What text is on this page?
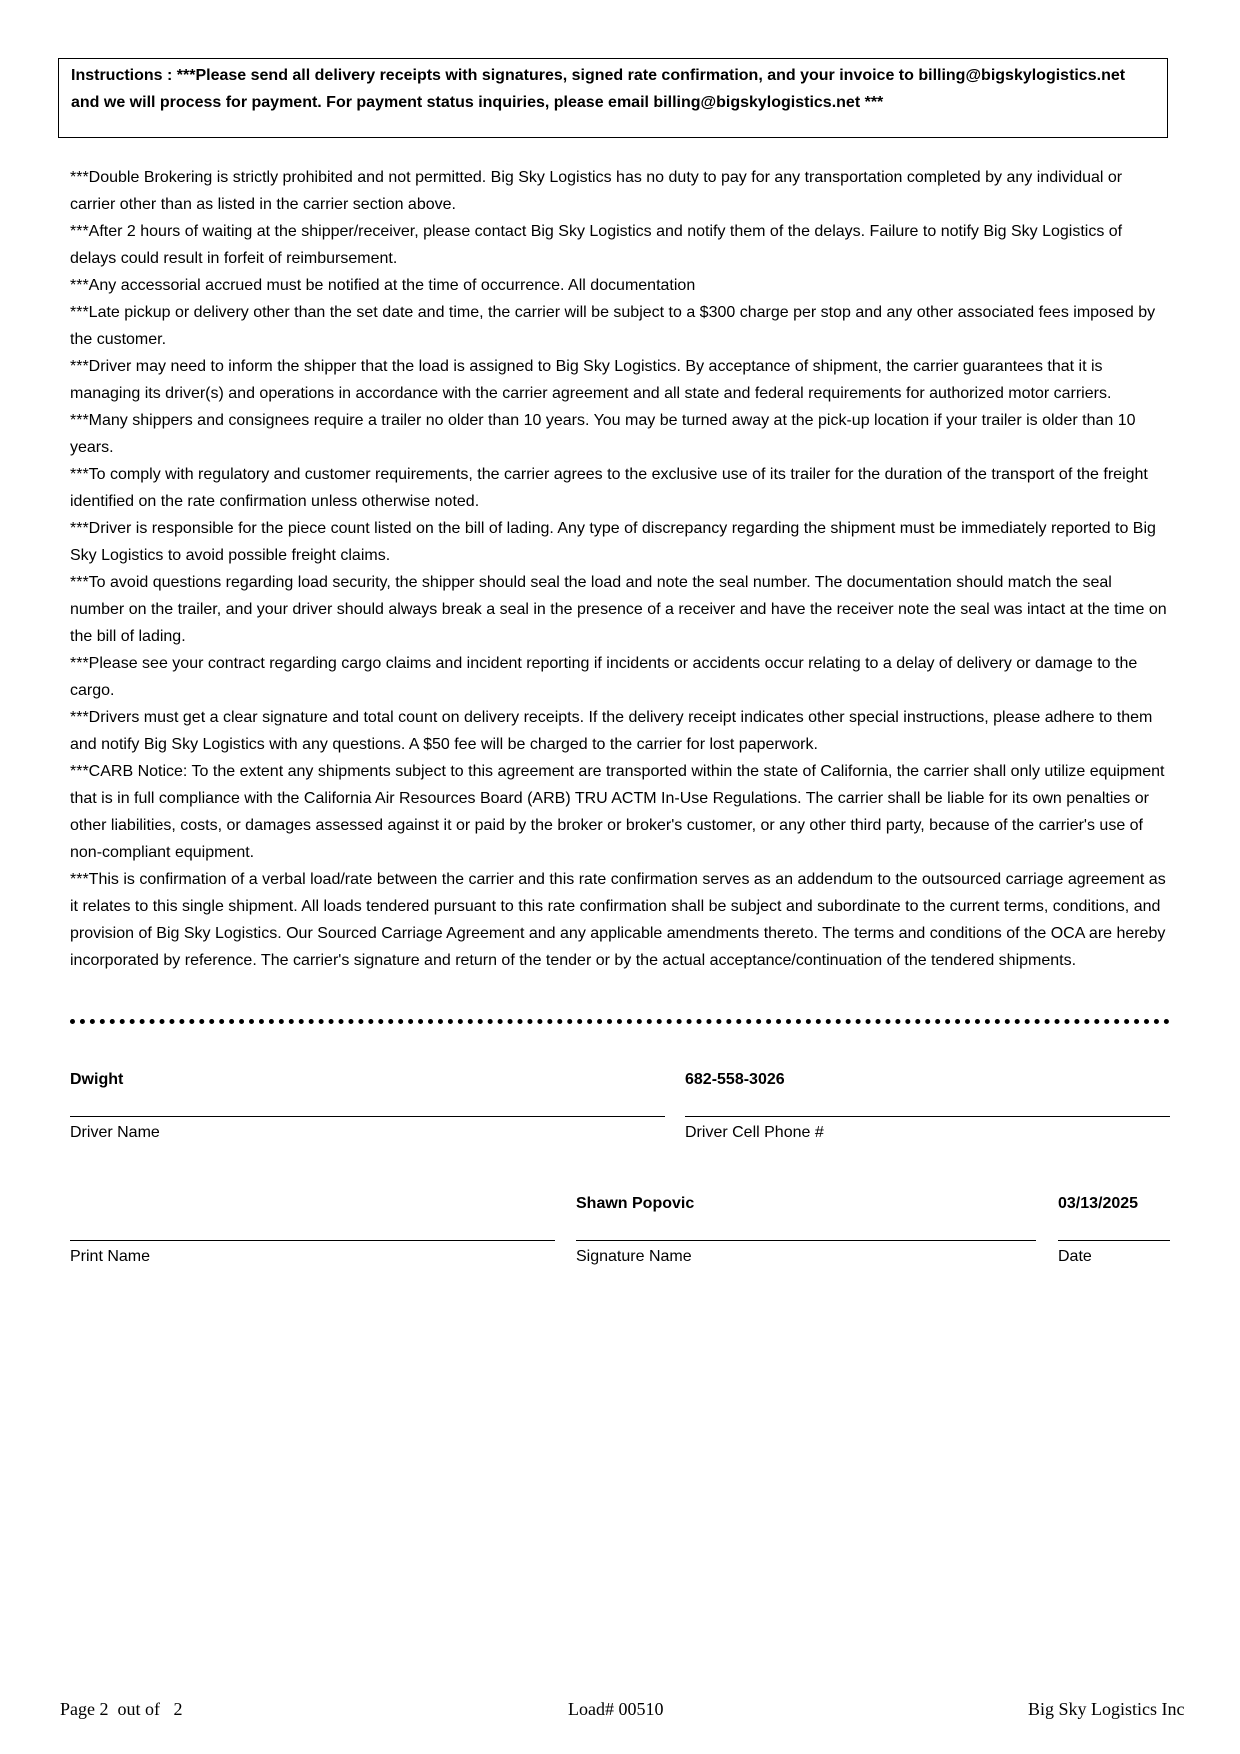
Instructions : ***Please send all delivery receipts with signatures, signed rate confirmation, and your invoice to billing@bigskylogistics.net and we will process for payment. For payment status inquiries, please email billing@bigskylogistics.net ***

***Double Brokering is strictly prohibited and not permitted. Big Sky Logistics has no duty to pay for any transportation completed by any individual or carrier other than as listed in the carrier section above.

***After 2 hours of waiting at the shipper/receiver, please contact Big Sky Logistics and notify them of the delays. Failure to notify Big Sky Logistics of delays could result in forfeit of reimbursement.

***Any accessorial accrued must be notified at the time of occurrence. All documentation

***Late pickup or delivery other than the set date and time, the carrier will be subject to a $300 charge per stop and any other associated fees imposed by the customer.

***Driver may need to inform the shipper that the load is assigned to Big Sky Logistics. By acceptance of shipment, the carrier guarantees that it is managing its driver(s) and operations in accordance with the carrier agreement and all state and federal requirements for authorized motor carriers.

***Many shippers and consignees require a trailer no older than 10 years. You may be turned away at the pick-up location if your trailer is older than 10 years.

***To comply with regulatory and customer requirements, the carrier agrees to the exclusive use of its trailer for the duration of the transport of the freight identified on the rate confirmation unless otherwise noted.

***Driver is responsible for the piece count listed on the bill of lading. Any type of discrepancy regarding the shipment must be immediately reported to Big Sky Logistics to avoid possible freight claims.

***To avoid questions regarding load security, the shipper should seal the load and note the seal number. The documentation should match the seal number on the trailer, and your driver should always break a seal in the presence of a receiver and have the receiver note the seal was intact at the time on the bill of lading.

***Please see your contract regarding cargo claims and incident reporting if incidents or accidents occur relating to a delay of delivery or damage to the cargo.

***Drivers must get a clear signature and total count on delivery receipts. If the delivery receipt indicates other special instructions, please adhere to them and notify Big Sky Logistics with any questions. A $50 fee will be charged to the carrier for lost paperwork.

***CARB Notice: To the extent any shipments subject to this agreement are transported within the state of California, the carrier shall only utilize equipment that is in full compliance with the California Air Resources Board (ARB) TRU ACTM In-Use Regulations. The carrier shall be liable for its own penalties or other liabilities, costs, or damages assessed against it or paid by the broker or broker's customer, or any other third party, because of the carrier's use of non-compliant equipment.

***This is confirmation of a verbal load/rate between the carrier and this rate confirmation serves as an addendum to the outsourced carriage agreement as it relates to this single shipment. All loads tendered pursuant to this rate confirmation shall be subject and subordinate to the current terms, conditions, and provision of Big Sky Logistics. Our Sourced Carriage Agreement and any applicable amendments thereto. The terms and conditions of the OCA are hereby incorporated by reference. The carrier's signature and return of the tender or by the actual acceptance/continuation of the tendered shipments.

Dwight
Driver Name
682-558-3026
Driver Cell Phone #
Print Name
Shawn Popovic
Signature Name
03/13/2025
Date
Page 2  out of   2	Load# 00510	Big Sky Logistics Inc
